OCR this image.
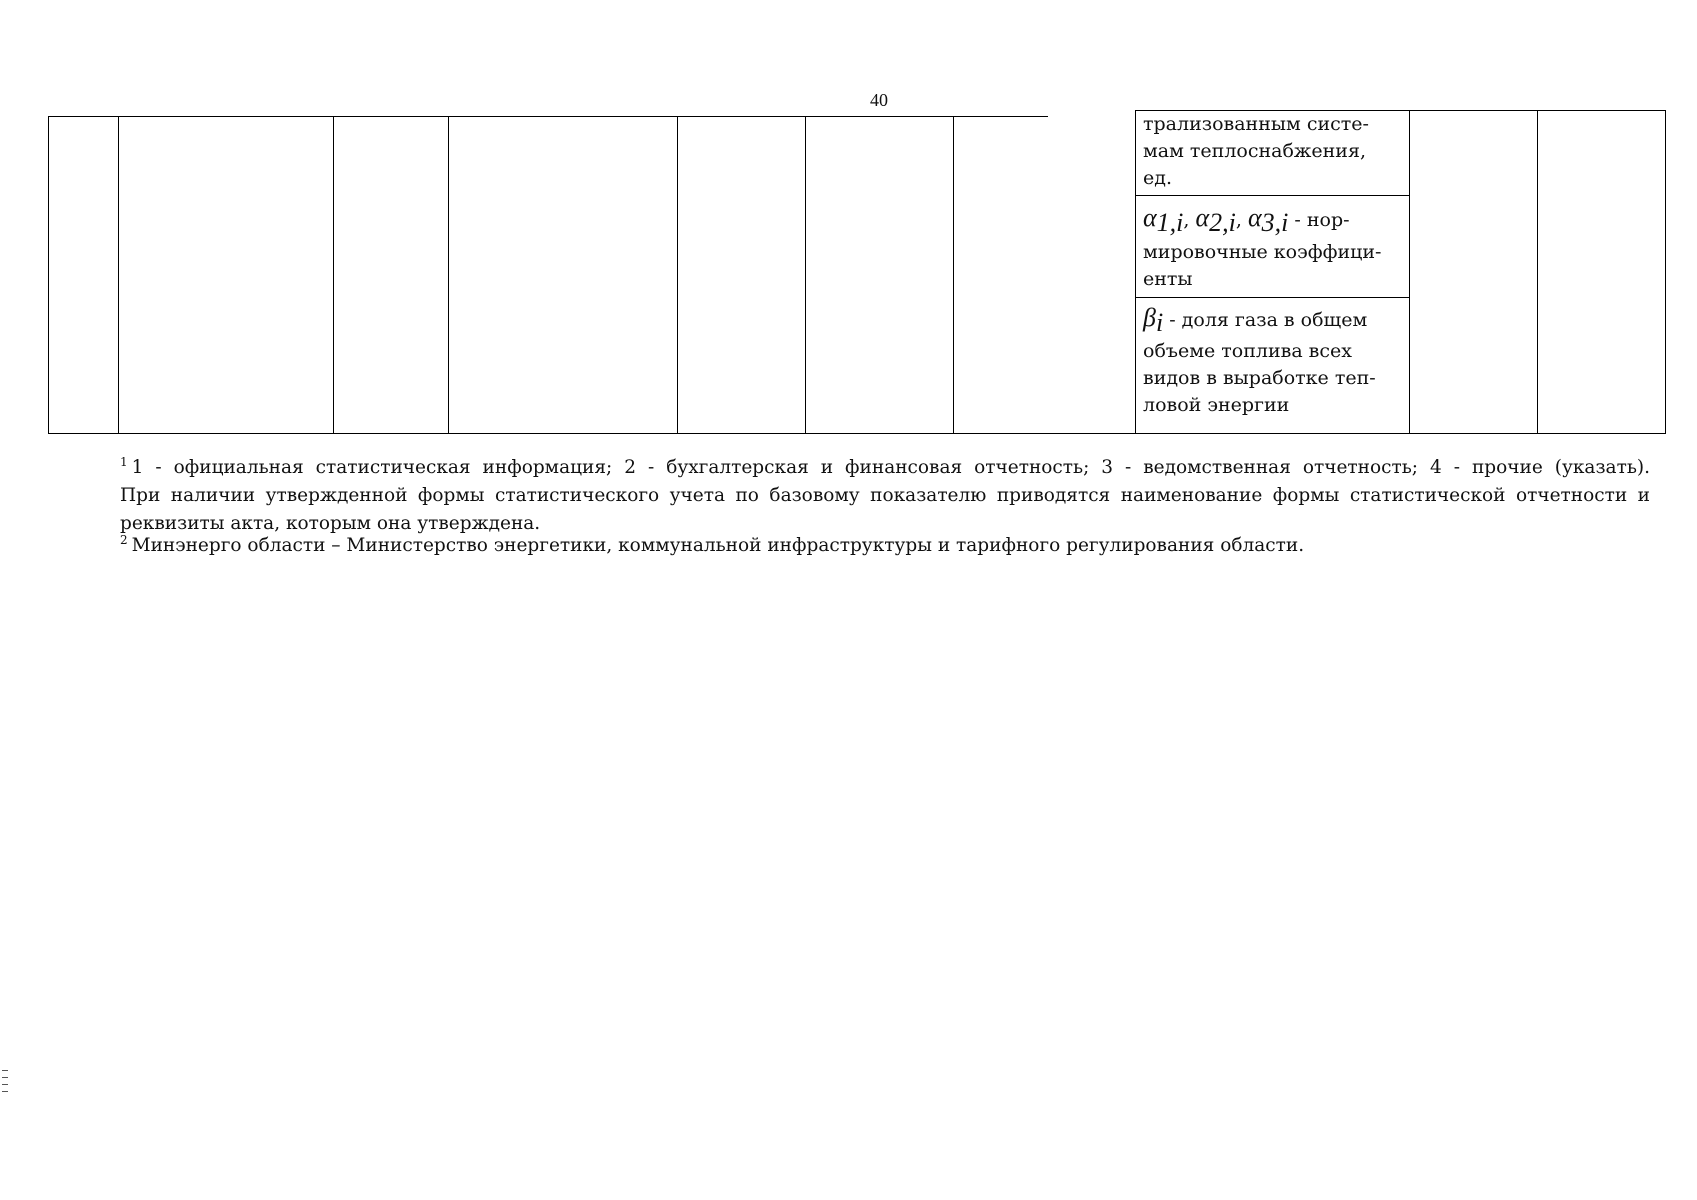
40
трализованным систе-
мам теплоснабжения,
ед.
$\alpha_{1,i}$, $\alpha_{2,i}$, $\alpha_{3,i} - нор-$
мировочные коэффици-
енты
$\beta_i$ - доля газа в общем
объеме топлива всех
видов в выработке теп-
ловой энергии
$^1$ 1 - официальная статистическая информация; 2 - бухгалтерская и финансовая отчетность; 3 - ведомственная отчетность; 4 - прочие (указать).
При наличии утвержденной формы статистического учета по базовому показателю приводятся наименование формы статистической отчетности и
реквизиты акта, которым она утверждена.
$^2$ Минэнерго области – Министерство энергетики, коммунальной инфраструктуры и тарифного регулирования области.
